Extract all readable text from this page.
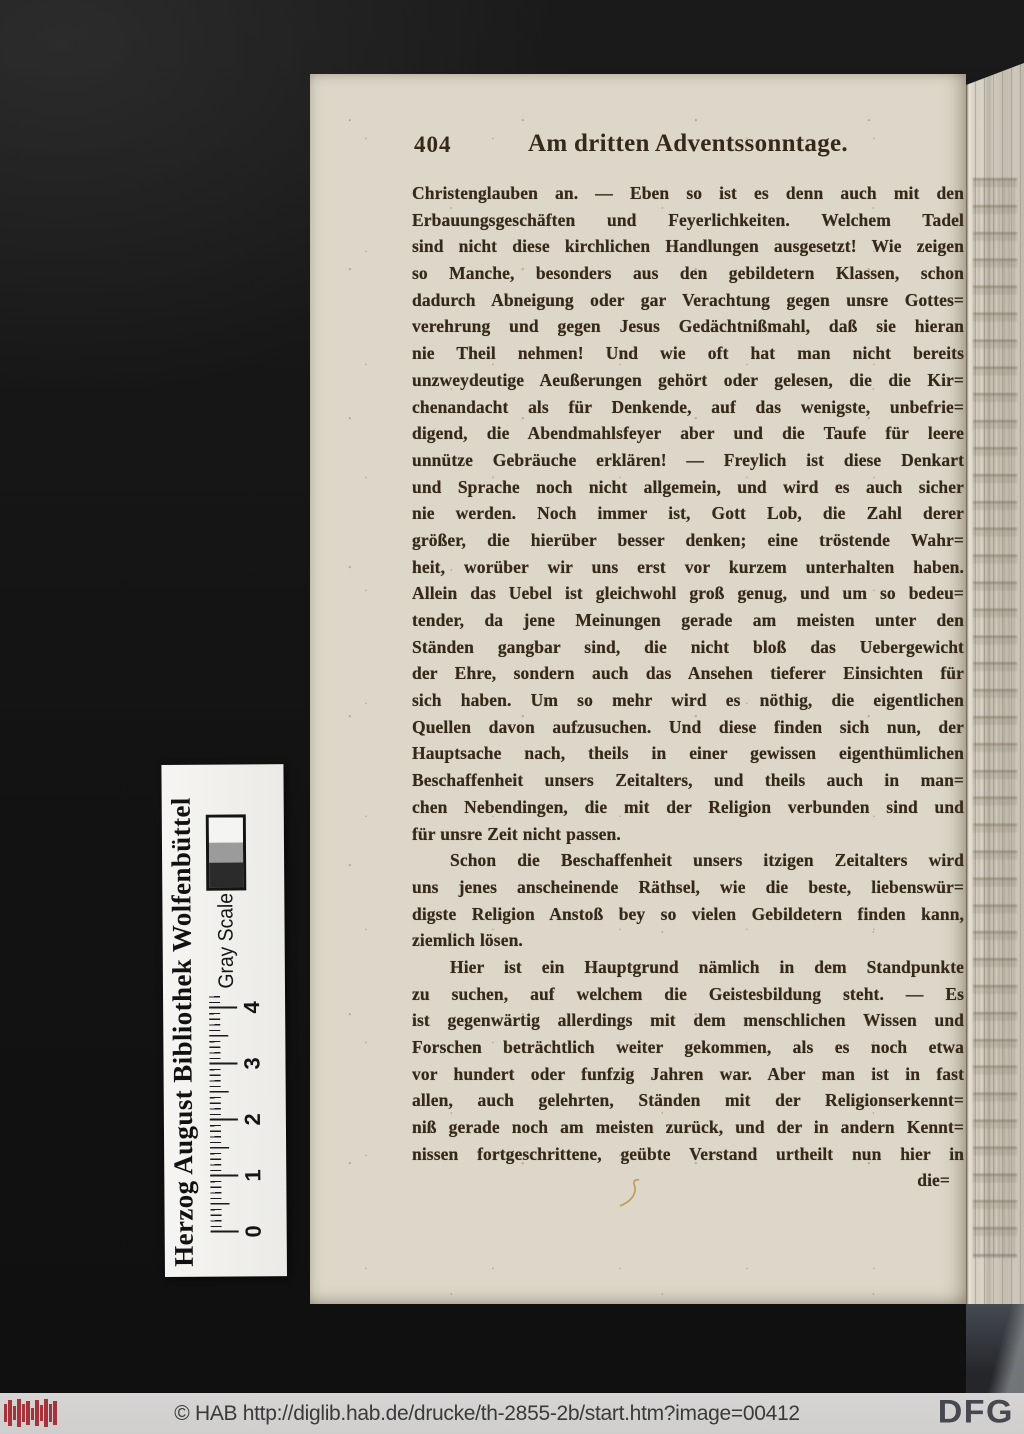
404	Am dritten Adventssonntage.
Christenglauben an. — Eben so ist es denn auch mit den
Erbauungsgeschäften und Feyerlichkeiten. Welchem Tadel
sind nicht diese kirchlichen Handlungen ausgesetzt! Wie zeigen
so Manche, besonders aus den gebildetern Klassen, schon
dadurch Abneigung oder gar Verachtung gegen unsre Gottes=
verehrung und gegen Jesus Gedächtnißmahl, daß sie hieran
nie Theil nehmen! Und wie oft hat man nicht bereits
unzweydeutige Aeußerungen gehört oder gelesen, die die Kir=
chenandacht als für Denkende, auf das wenigste, unbefrie=
digend, die Abendmahlsfeyer aber und die Taufe für leere
unnütze Gebräuche erklären! — Freylich ist diese Denkart
und Sprache noch nicht allgemein, und wird es auch sicher
nie werden. Noch immer ist, Gott Lob, die Zahl derer
größer, die hierüber besser denken; eine tröstende Wahr=
heit, worüber wir uns erst vor kurzem unterhalten haben.
Allein das Uebel ist gleichwohl groß genug, und um so bedeu=
tender, da jene Meinungen gerade am meisten unter den
Ständen gangbar sind, die nicht bloß das Uebergewicht
der Ehre, sondern auch das Ansehen tieferer Einsichten für
sich haben. Um so mehr wird es nöthig, die eigentlichen
Quellen davon aufzusuchen. Und diese finden sich nun, der
Hauptsache nach, theils in einer gewissen eigenthümlichen
Beschaffenheit unsers Zeitalters, und theils auch in man=
chen Nebendingen, die mit der Religion verbunden sind und
für unsre Zeit nicht passen.
Schon die Beschaffenheit unsers itzigen Zeitalters wird
uns jenes anscheinende Räthsel, wie die beste, liebenswür=
digste Religion Anstoß bey so vielen Gebildetern finden kann,
ziemlich lösen.
Hier ist ein Hauptgrund nämlich in dem Standpunkte
zu suchen, auf welchem die Geistesbildung steht. — Es
ist gegenwärtig allerdings mit dem menschlichen Wissen und
Forschen beträchtlich weiter gekommen, als es noch etwa
vor hundert oder funfzig Jahren war. Aber man ist in fast
allen, auch gelehrten, Ständen mit der Religionserkennt=
niß gerade noch am meisten zurück, und der in andern Kennt=
nissen fortgeschrittene, geübte Verstand urtheilt nun hier in
die=
Herzog August Bibliothek Wolfenbüttel 0
1
2
3
4
Gray Scale
© HAB http://diglib.hab.de/drucke/th-2855-2b/start.htm?image=00412	DFG
